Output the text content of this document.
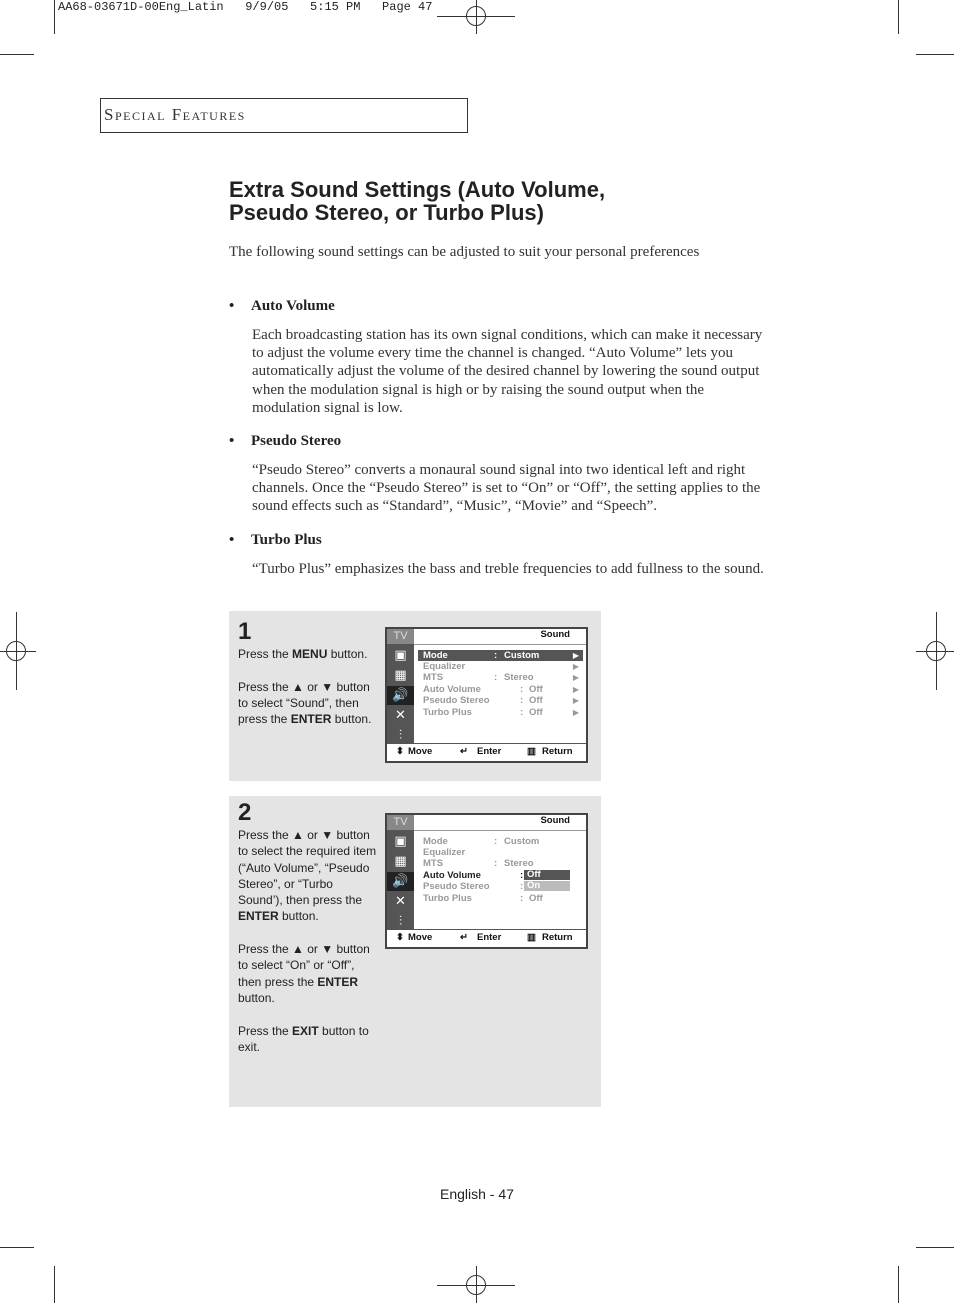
AA68-03671D-00Eng_Latin   9/9/05   5:15 PM   Page 47
Special Features
Extra Sound Settings (Auto Volume,
Pseudo Stereo, or Turbo Plus)
The following sound settings can be adjusted to suit your personal preferences
• Auto Volume
Each broadcasting station has its own signal conditions, which can make it necessary
to adjust the volume every time the channel is changed. “Auto Volume” lets you
automatically adjust the volume of the desired channel by lowering the sound output
when the modulation signal is high or by raising the sound output when the
modulation signal is low.
• Pseudo Stereo
“Pseudo Stereo” converts a monaural sound signal into two identical left and right
channels. Once the “Pseudo Stereo” is set to “On” or “Off”, the setting applies to the
sound effects such as “Standard”, “Music”, “Movie” and “Speech”.
• Turbo Plus
“Turbo Plus” emphasizes the bass and treble frequencies to add fullness to the sound.
1
Press the MENU button.

Press the ▲ or ▼ button
to select “Sound”, then
press the ENTER button.
TV
▣
▦
🔊
✕
⫶
Sound
Mode	: Custom	▶
Equalizer	▶
MTS	: Stereo	▶
Auto Volume	: Off	▶
Pseudo Stereo	: Off	▶
Turbo Plus	: Off	▶
⬍ Move	↵ Enter	▥ Return
2
Press the ▲ or ▼ button
to select the required item
(“Auto Volume”, “Pseudo
Stereo”, or “Turbo
Sound’), then press the
ENTER button.

Press the ▲ or ▼ button
to select “On” or “Off”,
then press the ENTER
button.

Press the EXIT button to
exit.
TV
▣
▦
🔊
✕
⫶
Sound
Mode	: Custom
Equalizer
MTS	: Stereo
Auto Volume	:
Pseudo Stereo	:
Turbo Plus	: Off
Off
On
⬍ Move	↵ Enter	▥ Return
English - 47
